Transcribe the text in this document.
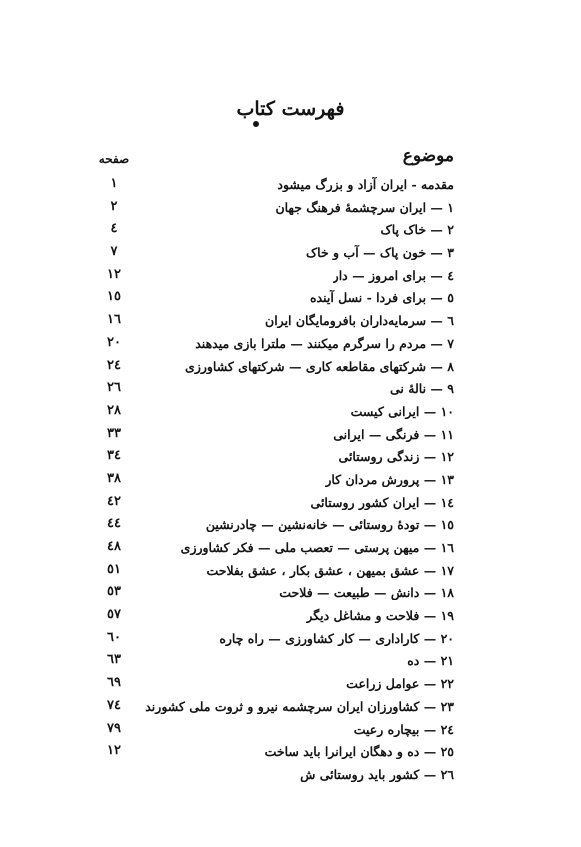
فهرست کتاب
موضوع
صفحه
مقدمه - ایران آزاد و بزرگ میشود
۱
۱ — ایران سرچشمهٔ فرهنگ جهان
۲
۲ — خاک پاک
٤
۳ — خون پاک — آب و خاک
۷
٤ — برای امروز — دار
۱۲
٥ — برای فردا - نسل آینده
۱٥
٦ — سرمایه‌داران بافرومایگان ایران
۱٦
۷ — مردم را سرگرم میکنند — ملترا بازی میدهند
۲۰
۸ — شرکتهای مقاطعه کاری — شرکتهای کشاورزی
۲٤
۹ — نالهٔ نی
۲٦
۱۰ — ایرانی کیست
۲۸
۱۱ — فرنگی — ایرانی
۳۳
۱۲ — زندگی روستائی
۳٤
۱۳ — پرورش مردان کار
۳۸
۱٤ — ایران کشور روستائی
٤۲
۱٥ — تودهٔ روستائی — خانه‌نشین — چادرنشین
٤٤
۱٦ — میهن پرستی — تعصب ملی — فکر کشاورزی
٤۸
۱۷ — عشق بمیهن ، عشق بکار ، عشق بفلاحت
٥۱
۱۸ — دانش — طبیعت — فلاحت
٥۳
۱۹ — فلاحت و مشاغل دیگر
٥۷
۲۰ — کارادارى — کار کشاورزی — راه چاره
٦۰
۲۱ — ده
٦۳
۲۲ — عوامل زراعت
٦۹
۲۳ — کشاورزان ایران سرچشمه نیرو و ثروت ملی کشورند
۷٤
۲٤ — بیچاره رعیت
۷۹
۲٥ — ده و دهگان ایرانرا باید ساخت
۱۲
۲٦ — کشور باید روستائی ش
